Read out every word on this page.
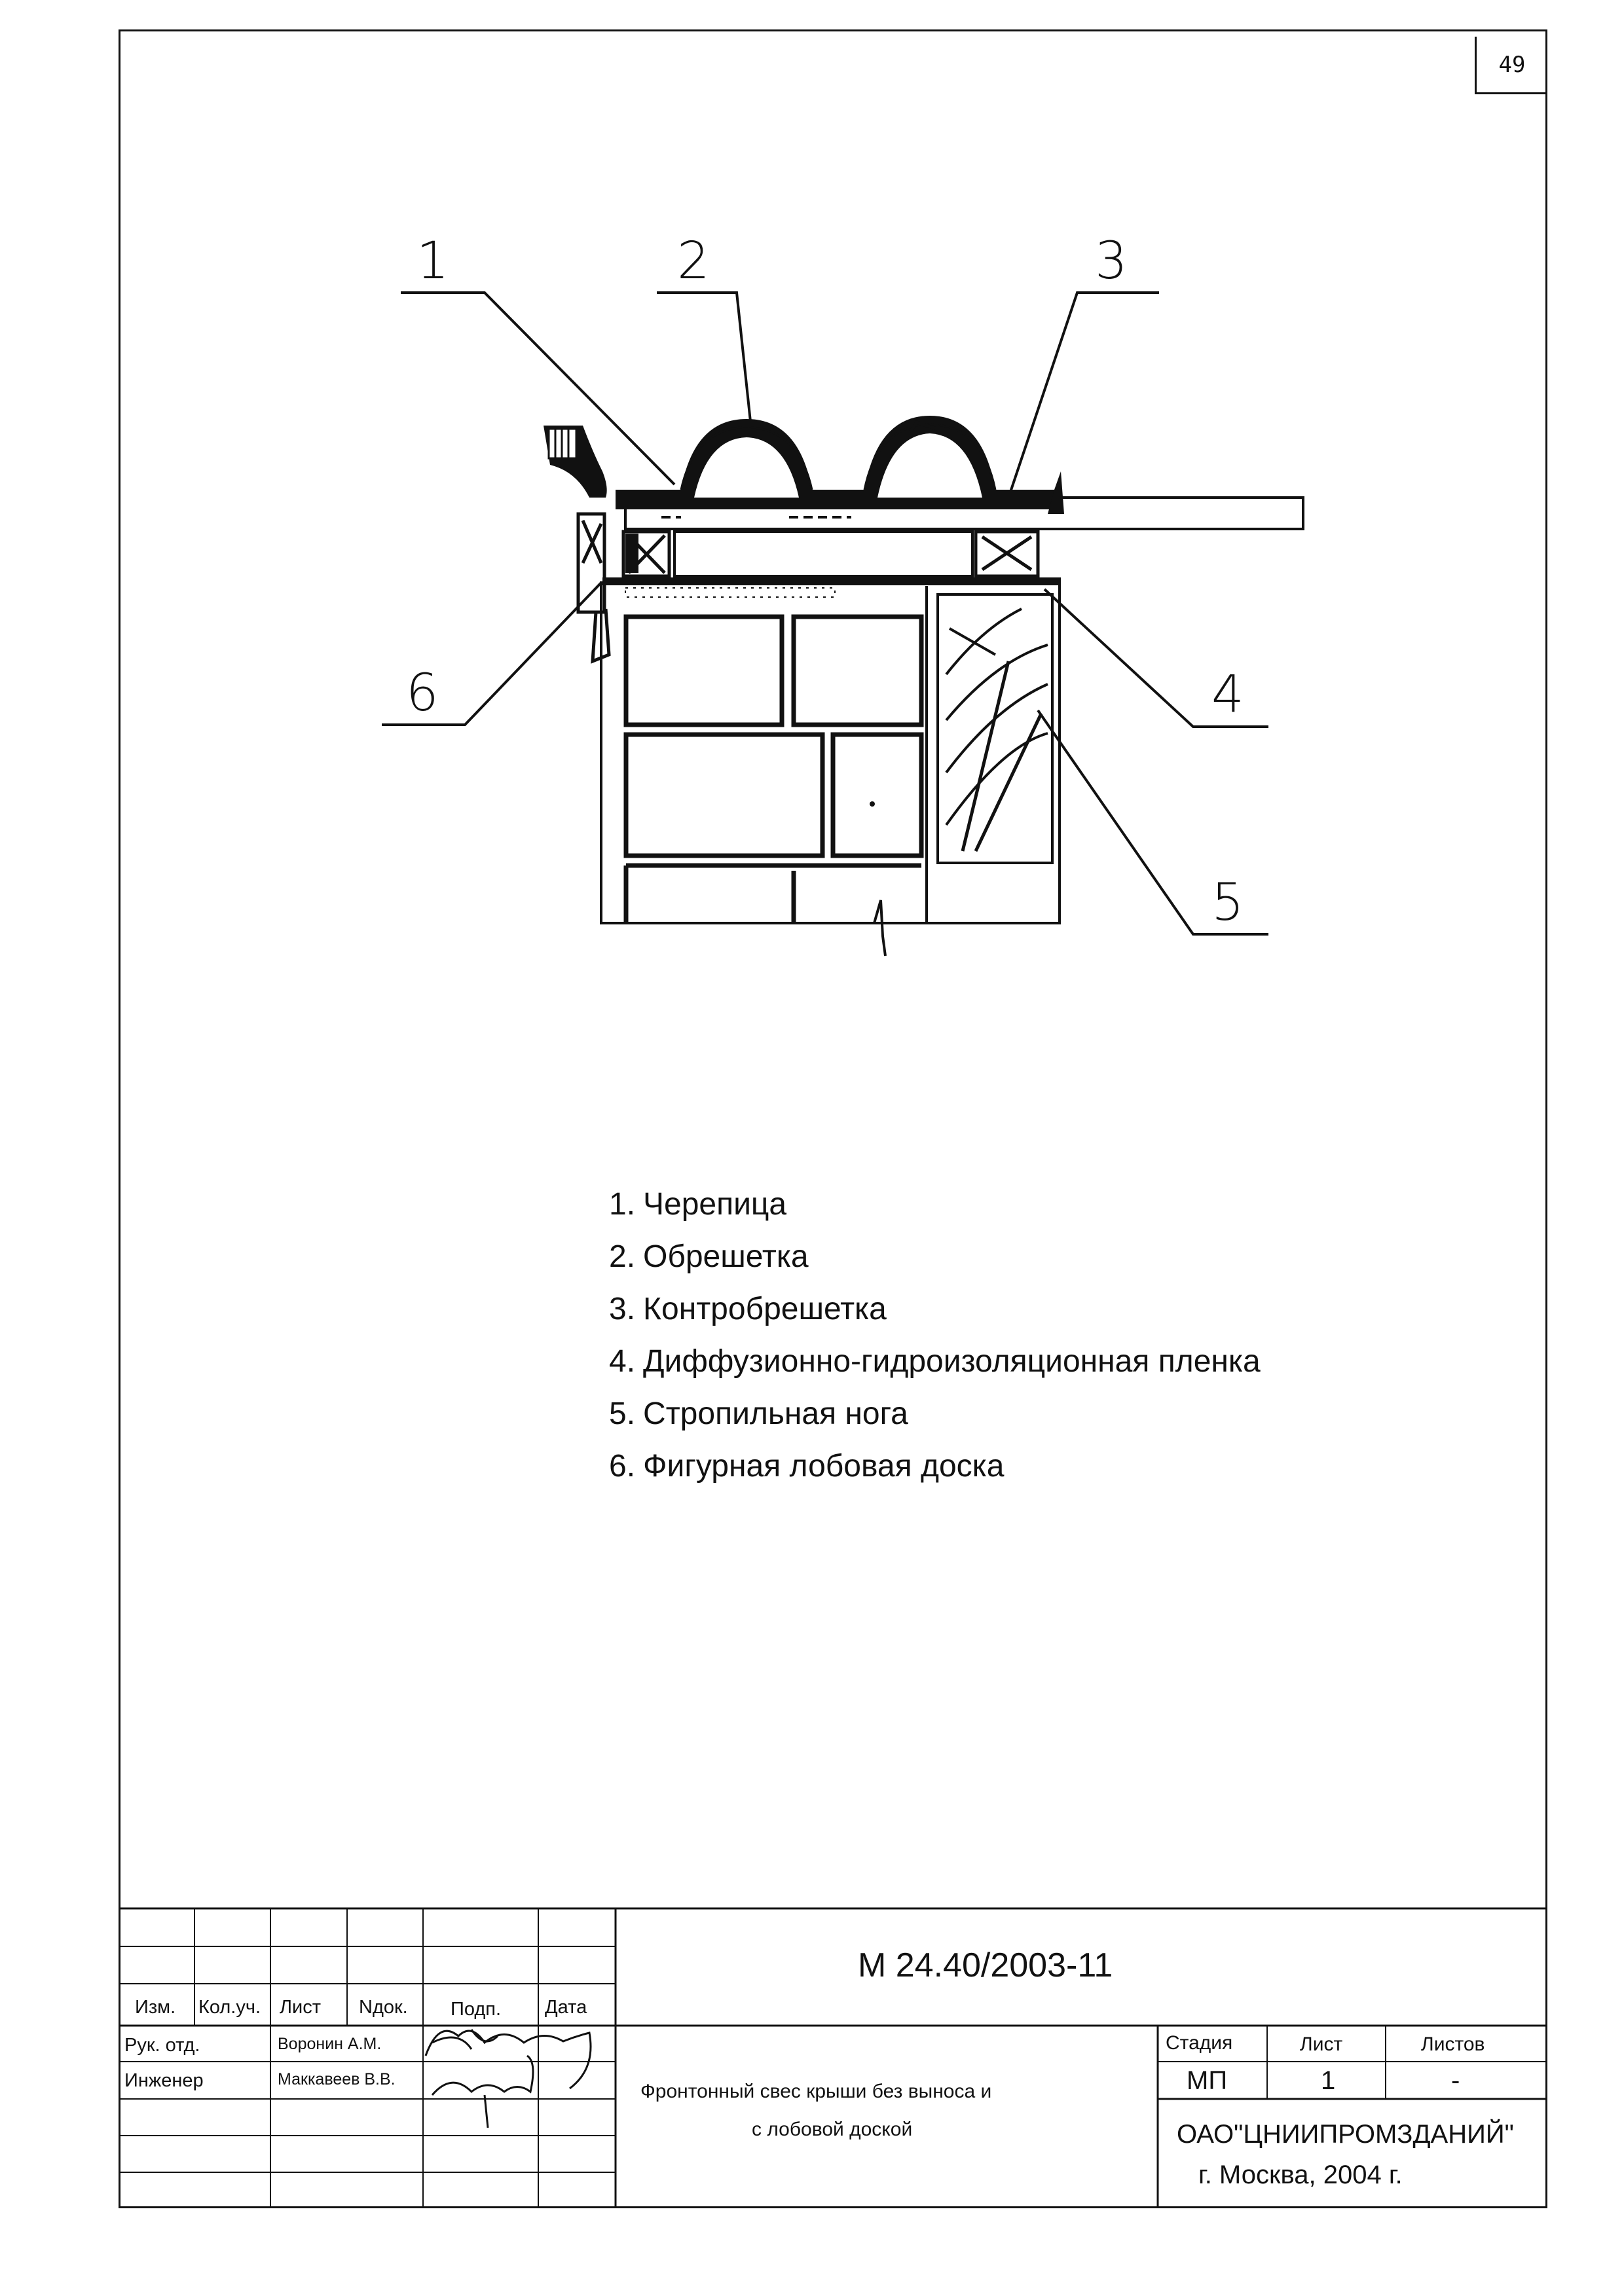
49
1	2	3
4
5
6
1. Черепица
2. Обрешетка
3. Контробрешетка
4. Диффузионно-гидроизоляционная пленка
5. Стропильная нога
6. Фигурная лобовая доска
М 24.40/2003-11
Изм. Кол.уч. Лист Nдок. Подп. Дата
Рук. отд.	Воронин А.М.
Инженер	Маккавеев В.В.
Фронтонный свес крыши без выноса и
с лобовой доской
Стадия	Лист	Листов
МП	1	-
ОАО"ЦНИИПРОМЗДАНИЙ"
г. Москва, 2004 г.
